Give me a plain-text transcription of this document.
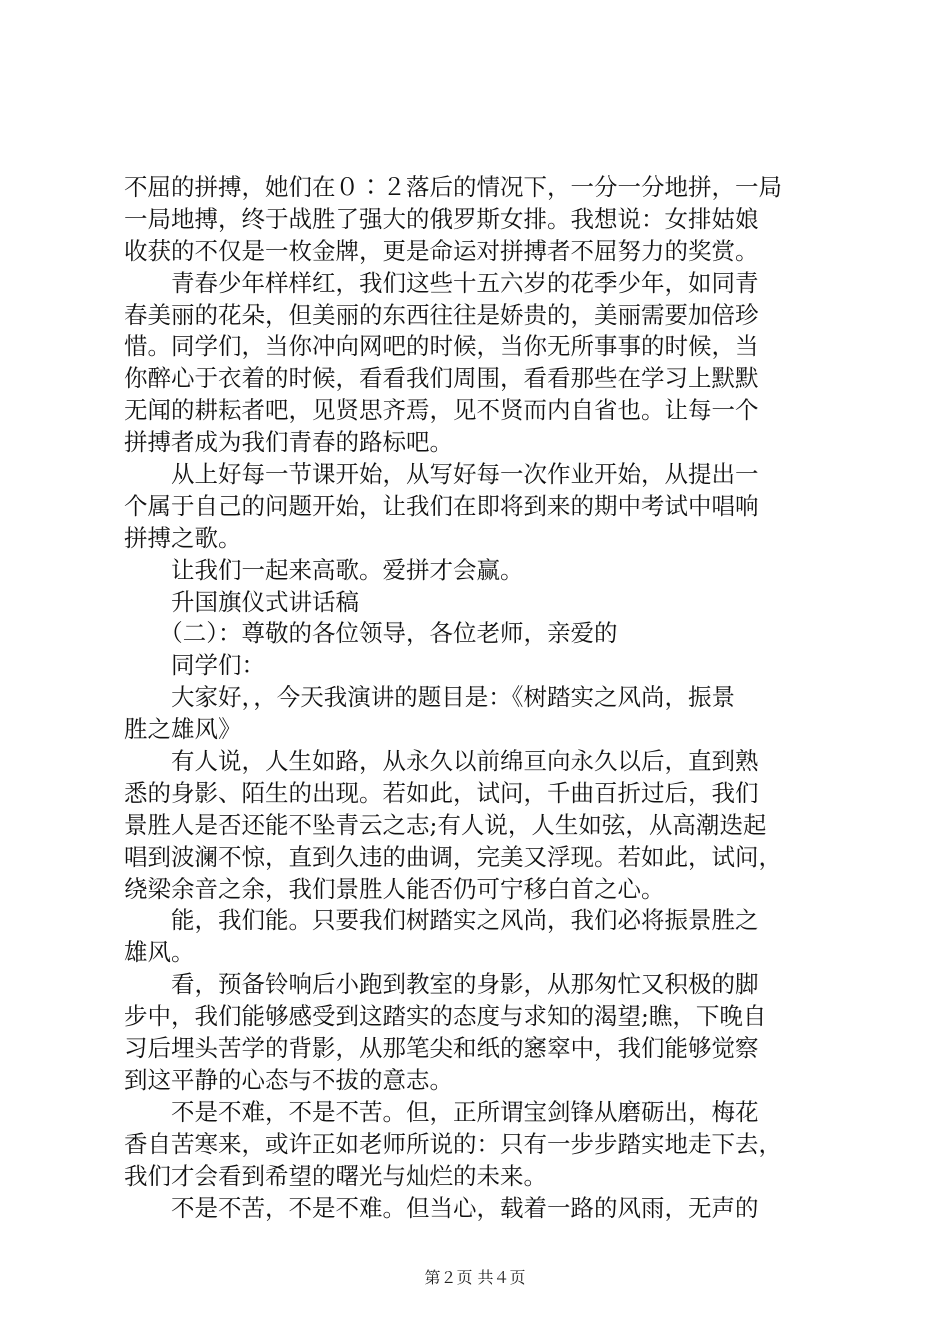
不屈的拼搏，她们在０∶２落后的情况下，一分一分地拼，一局
一局地搏，终于战胜了强大的俄罗斯女排。我想说：女排姑娘
收获的不仅是一枚金牌，更是命运对拼搏者不屈努力的奖赏。
　　青春少年样样红，我们这些十五六岁的花季少年，如同青
春美丽的花朵，但美丽的东西往往是娇贵的，美丽需要加倍珍
惜。同学们，当你冲向网吧的时候，当你无所事事的时候，当
你醉心于衣着的时候，看看我们周围，看看那些在学习上默默
无闻的耕耘者吧，见贤思齐焉，见不贤而内自省也。让每一个
拼搏者成为我们青春的路标吧。
　　从上好每一节课开始，从写好每一次作业开始，从提出一
个属于自己的问题开始，让我们在即将到来的期中考试中唱响
拼搏之歌。
　　让我们一起来高歌。爱拼才会赢。
　　升国旗仪式讲话稿
　　（二）：尊敬的各位领导，各位老师，亲爱的
　　同学们：
　　大家好，，今天我演讲的题目是：《树踏实之风尚，振景
胜之雄风》
　　有人说，人生如路，从永久以前绵亘向永久以后，直到熟
悉的身影、陌生的出现。若如此，试问，千曲百折过后，我们
景胜人是否还能不坠青云之志;有人说，人生如弦，从高潮迭起
唱到波澜不惊，直到久违的曲调，完美又浮现。若如此，试问，
绕梁余音之余，我们景胜人能否仍可宁移白首之心。
　　能，我们能。只要我们树踏实之风尚，我们必将振景胜之
雄风。
　　看，预备铃响后小跑到教室的身影，从那匆忙又积极的脚
步中，我们能够感受到这踏实的态度与求知的渴望;瞧，下晚自
习后埋头苦学的背影，从那笔尖和纸的窸窣中，我们能够觉察
到这平静的心态与不拔的意志。
　　不是不难，不是不苦。但，正所谓宝剑锋从磨砺出，梅花
香自苦寒来，或许正如老师所说的：只有一步步踏实地走下去，
我们才会看到希望的曙光与灿烂的未来。
　　不是不苦，不是不难。但当心，载着一路的风雨，无声的
第２页 共４页
